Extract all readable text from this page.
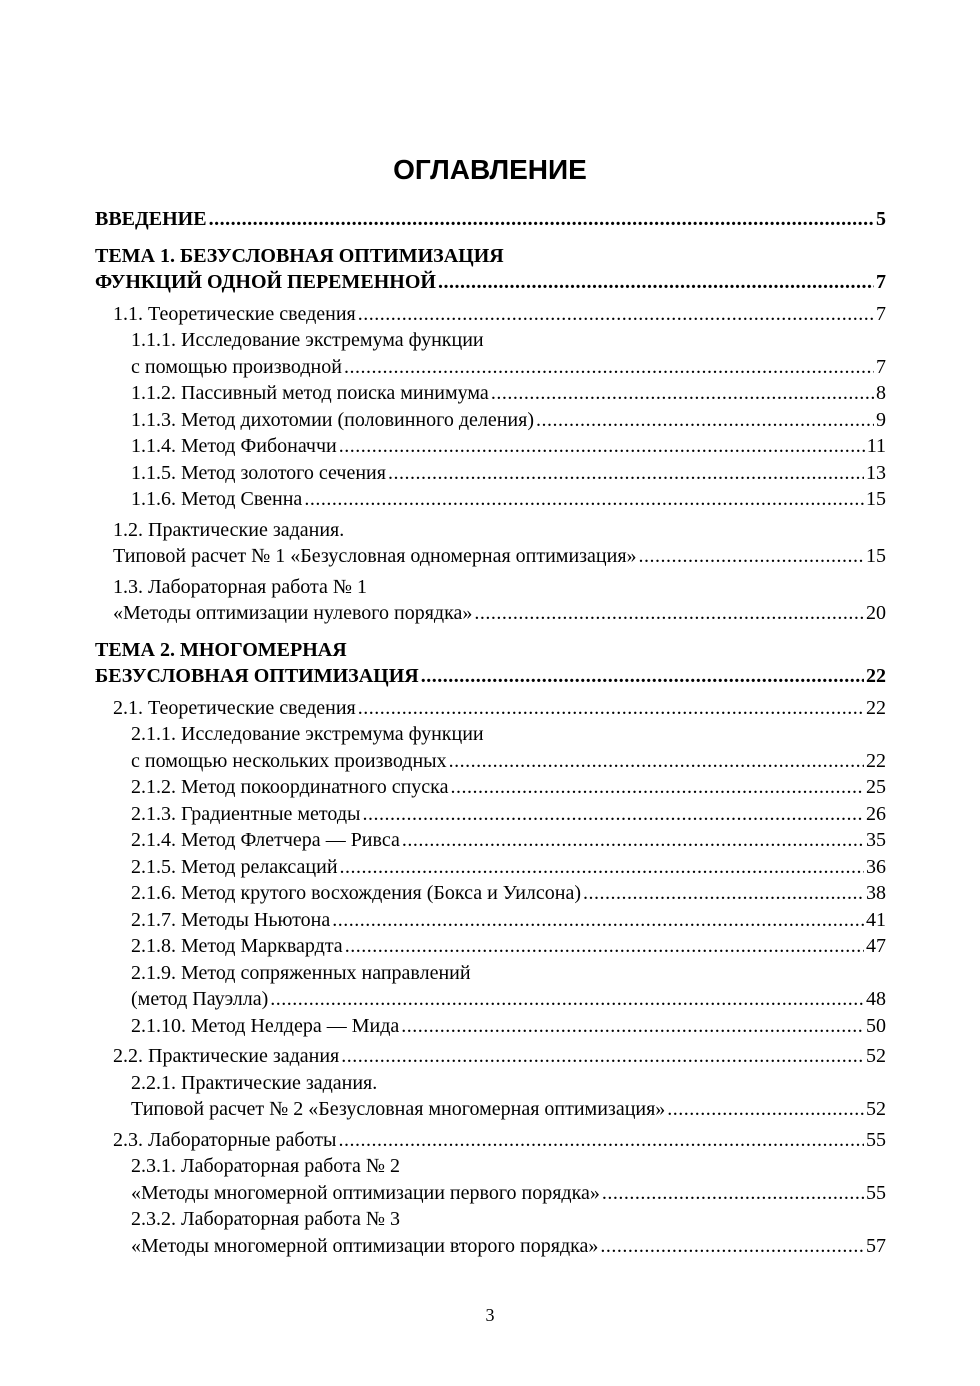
ОГЛАВЛЕНИЕ
ВВЕДЕНИЕ .....	5
ТЕМА 1. БЕЗУСЛОВНАЯ ОПТИМИЗАЦИЯ
ФУНКЦИЙ ОДНОЙ ПЕРЕМЕННОЙ .....	7
1.1. Теоретические сведения .....	7
1.1.1. Исследование экстремума функции
с помощью производной .....	7
1.1.2. Пассивный метод поиска минимума .....	8
1.1.3. Метод дихотомии (половинного деления) .....	9
1.1.4. Метод Фибоначчи .....	11
1.1.5. Метод золотого сечения .....	13
1.1.6. Метод Свенна .....	15
1.2. Практические задания.
Типовой расчет № 1 «Безусловная одномерная оптимизация» .....	15
1.3. Лабораторная работа № 1
«Методы оптимизации нулевого порядка» .....	20
ТЕМА 2. МНОГОМЕРНАЯ
БЕЗУСЛОВНАЯ ОПТИМИЗАЦИЯ .....	22
2.1. Теоретические сведения .....	22
2.1.1. Исследование экстремума функции
с помощью нескольких производных .....	22
2.1.2. Метод покоординатного спуска .....	25
2.1.3. Градиентные методы .....	26
2.1.4. Метод Флетчера — Ривса .....	35
2.1.5. Метод релаксаций .....	36
2.1.6. Метод крутого восхождения (Бокса и Уилсона) .....	38
2.1.7. Методы Ньютона .....	41
2.1.8. Метод Марквардта .....	47
2.1.9. Метод сопряженных направлений
(метод Пауэлла) .....	48
2.1.10. Метод Нелдера — Мида .....	50
2.2. Практические задания .....	52
2.2.1. Практические задания.
Типовой расчет № 2 «Безусловная многомерная оптимизация» .....	52
2.3. Лабораторные работы .....	55
2.3.1. Лабораторная работа № 2
«Методы многомерной оптимизации первого порядка» .....	55
2.3.2. Лабораторная работа № 3
«Методы многомерной оптимизации второго порядка» .....	57
3
